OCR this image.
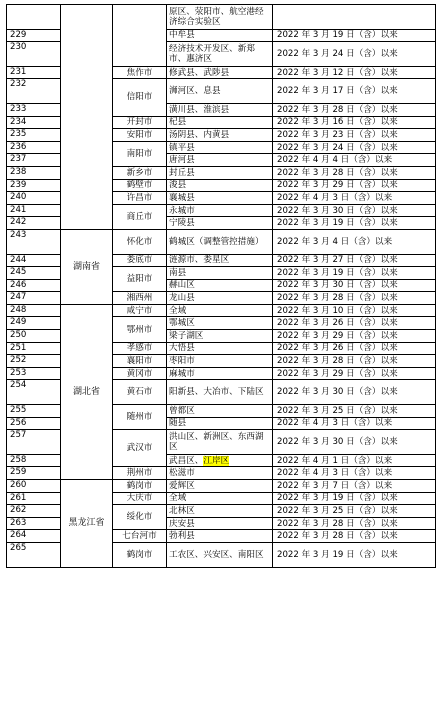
			原区、荥阳市、航空港经济综合实验区	
229			中牟县	2022 年 3 月 19 日（含）以来
230			经济技术开发区、新郑市、惠济区	2022 年 3 月 24 日（含）以来
231		焦作市	修武县、武陟县	2022 年 3 月 12 日（含）以来
232		信阳市	浉河区、息县	2022 年 3 月 17 日（含）以来
233			潢川县、淮滨县	2022 年 3 月 28 日（含）以来
234		开封市	杞县	2022 年 3 月 16 日（含）以来
235		安阳市	汤阴县、内黄县	2022 年 3 月 23 日（含）以来
236		南阳市	镇平县	2022 年 3 月 24 日（含）以来
237			唐河县	2022 年 4 月 4 日（含）以来
238		新乡市	封丘县	2022 年 3 月 28 日（含）以来
239		鹤壁市	浚县	2022 年 3 月 29 日（含）以来
240		许昌市	襄城县	2022 年 4 月 3 日（含）以来
241		商丘市	永城市	2022 年 3 月 30 日（含）以来
242			宁陵县	2022 年 3 月 19 日（含）以来
243	湖南省	怀化市	鹤城区（调整管控措施）	2022 年 3 月 4 日（含）以来
244		娄底市	涟源市、娄星区	2022 年 3 月 27 日（含）以来
245		益阳市	南县	2022 年 3 月 19 日（含）以来
246			赫山区	2022 年 3 月 30 日（含）以来
247		湘西州	龙山县	2022 年 3 月 28 日（含）以来
248	湖北省	咸宁市	全域	2022 年 3 月 10 日（含）以来
249		鄂州市	鄂城区	2022 年 3 月 26 日（含）以来
250			梁子湖区	2022 年 3 月 29 日（含）以来
251		孝感市	大悟县	2022 年 3 月 26 日（含）以来
252		襄阳市	枣阳市	2022 年 3 月 28 日（含）以来
253		黄冈市	麻城市	2022 年 3 月 29 日（含）以来
254		黄石市	阳新县、大冶市、下陆区	2022 年 3 月 30 日（含）以来
255		随州市	曾都区	2022 年 3 月 25 日（含）以来
256			随县	2022 年 4 月 3 日（含）以来
257		武汉市	洪山区、新洲区、东西湖区	2022 年 3 月 30 日（含）以来
258			武昌区、江岸区	2022 年 4 月 1 日（含）以来
259		荆州市	松滋市	2022 年 4 月 3 日（含）以来
260	黑龙江省	鹤岗市	爱辉区	2022 年 3 月 7 日（含）以来
261		大庆市	全域	2022 年 3 月 19 日（含）以来
262		绥化市	北林区	2022 年 3 月 25 日（含）以来
263			庆安县	2022 年 3 月 28 日（含）以来
264		七台河市	勃利县	2022 年 3 月 28 日（含）以来
265		鹤岗市	工农区、兴安区、南阳区	2022 年 3 月 19 日（含）以来
